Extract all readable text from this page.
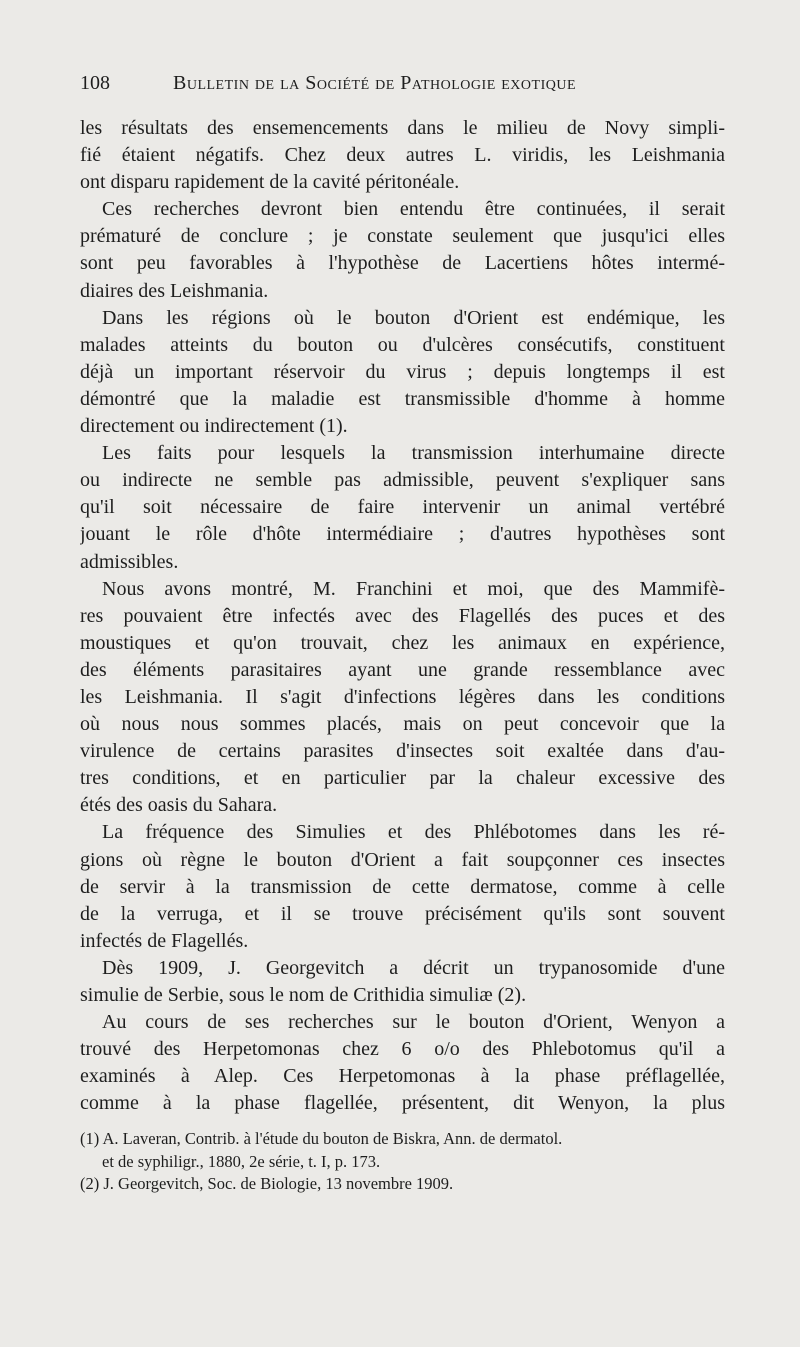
108	Bulletin de la Société de Pathologie exotique
les résultats des ensemencements dans le milieu de Novy simpli-
fié étaient négatifs. Chez deux autres L. viridis, les Leishmania
ont disparu rapidement de la cavité péritonéale.
Ces recherches devront bien entendu être continuées, il serait
prématuré de conclure ; je constate seulement que jusqu'ici elles
sont peu favorables à l'hypothèse de Lacertiens hôtes intermé-
diaires des Leishmania.
Dans les régions où le bouton d'Orient est endémique, les
malades atteints du bouton ou d'ulcères consécutifs, constituent
déjà un important réservoir du virus ; depuis longtemps il est
démontré que la maladie est transmissible d'homme à homme
directement ou indirectement (1).
Les faits pour lesquels la transmission interhumaine directe
ou indirecte ne semble pas admissible, peuvent s'expliquer sans
qu'il soit nécessaire de faire intervenir un animal vertébré
jouant le rôle d'hôte intermédiaire ; d'autres hypothèses sont
admissibles.
Nous avons montré, M. Franchini et moi, que des Mammifè-
res pouvaient être infectés avec des Flagellés des puces et des
moustiques et qu'on trouvait, chez les animaux en expérience,
des éléments parasitaires ayant une grande ressemblance avec
les Leishmania. Il s'agit d'infections légères dans les conditions
où nous nous sommes placés, mais on peut concevoir que la
virulence de certains parasites d'insectes soit exaltée dans d'au-
tres conditions, et en particulier par la chaleur excessive des
étés des oasis du Sahara.
La fréquence des Simulies et des Phlébotomes dans les ré-
gions où règne le bouton d'Orient a fait soupçonner ces insectes
de servir à la transmission de cette dermatose, comme à celle
de la verruga, et il se trouve précisément qu'ils sont souvent
infectés de Flagellés.
Dès 1909, J. Georgevitch a décrit un trypanosomide d'une
simulie de Serbie, sous le nom de Crithidia simuliæ (2).
Au cours de ses recherches sur le bouton d'Orient, Wenyon a
trouvé des Herpetomonas chez 6 o/o des Phlebotomus qu'il a
examinés à Alep. Ces Herpetomonas à la phase préflagellée,
comme à la phase flagellée, présentent, dit Wenyon, la plus
(1) A. Laveran, Contrib. à l'étude du bouton de Biskra, Ann. de dermatol.
et de syphiligr., 1880, 2e série, t. I, p. 173.
(2) J. Georgevitch, Soc. de Biologie, 13 novembre 1909.
